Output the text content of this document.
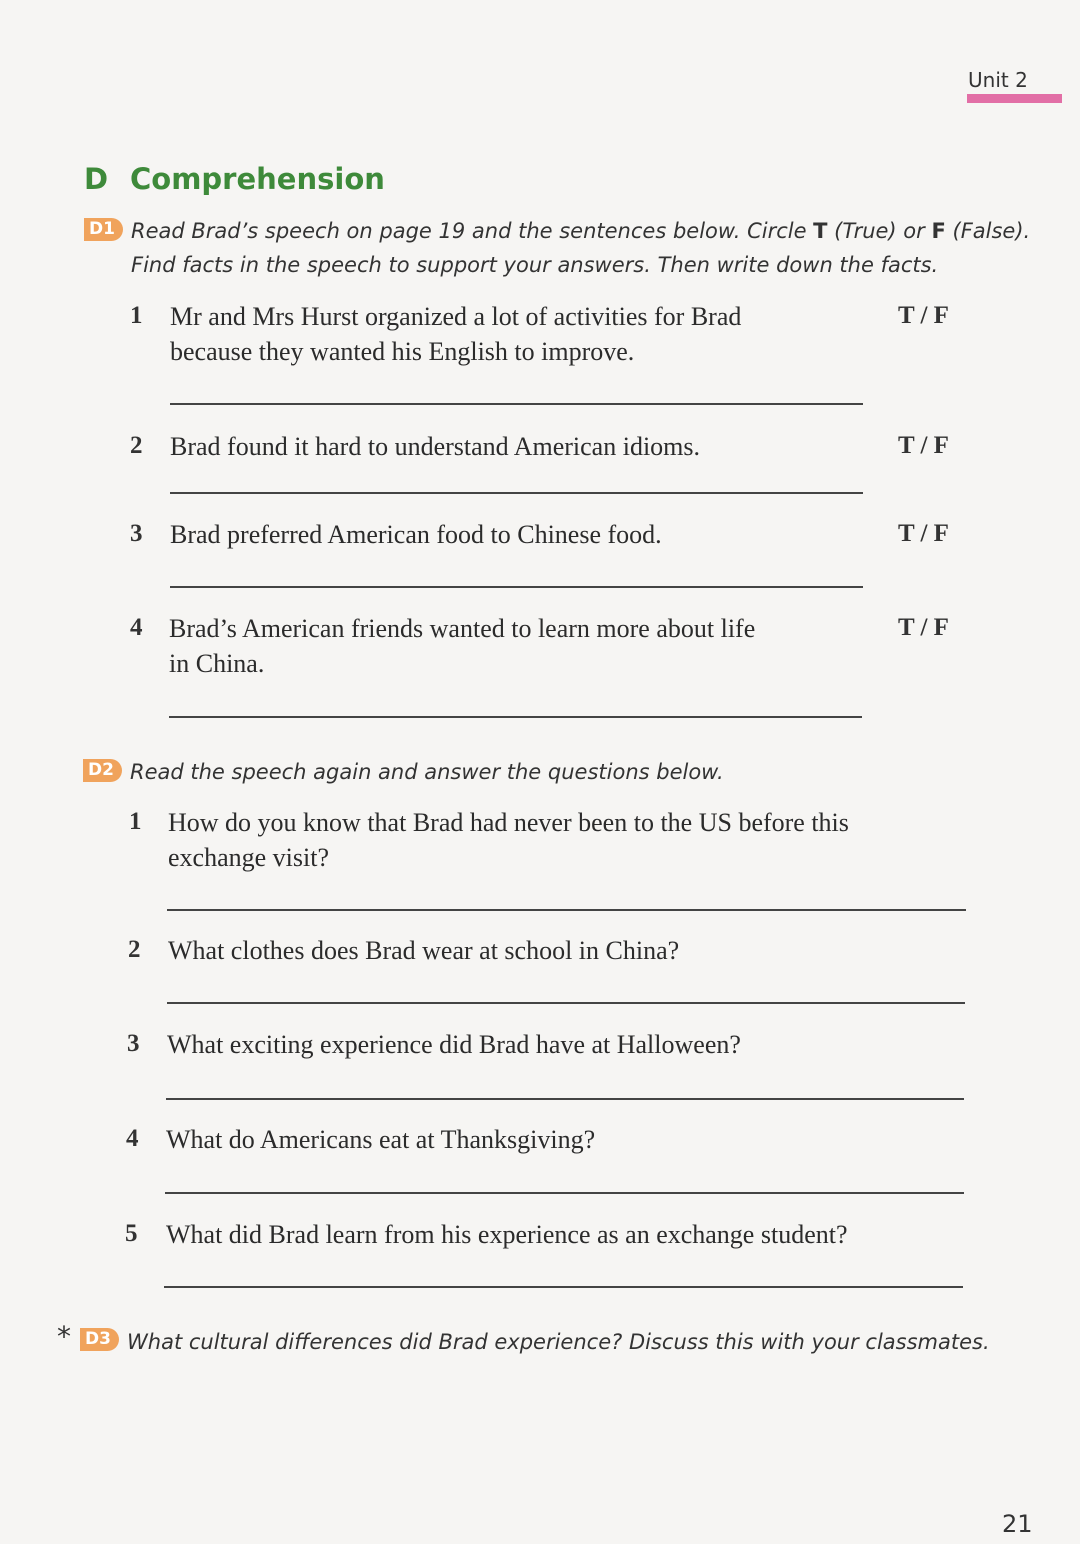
Unit 2
D Comprehension
D1 Read Brad’s speech on page 19 and the sentences below. Circle T (True) or F (False).
Find facts in the speech to support your answers. Then write down the facts.
1 Mr and Mrs Hurst organized a lot of activities for Brad
because they wanted his English to improve.
T / F
2 Brad found it hard to understand American idioms.	T / F
3 Brad preferred American food to Chinese food.	T / F
4 Brad’s American friends wanted to learn more about life
in China.
T / F
D2 Read the speech again and answer the questions below.
1 How do you know that Brad had never been to the US before this
exchange visit?
2 What clothes does Brad wear at school in China?
3 What exciting experience did Brad have at Halloween?
4 What do Americans eat at Thanksgiving?
5 What did Brad learn from his experience as an exchange student?
* D3 What cultural differences did Brad experience? Discuss this with your classmates.
21
